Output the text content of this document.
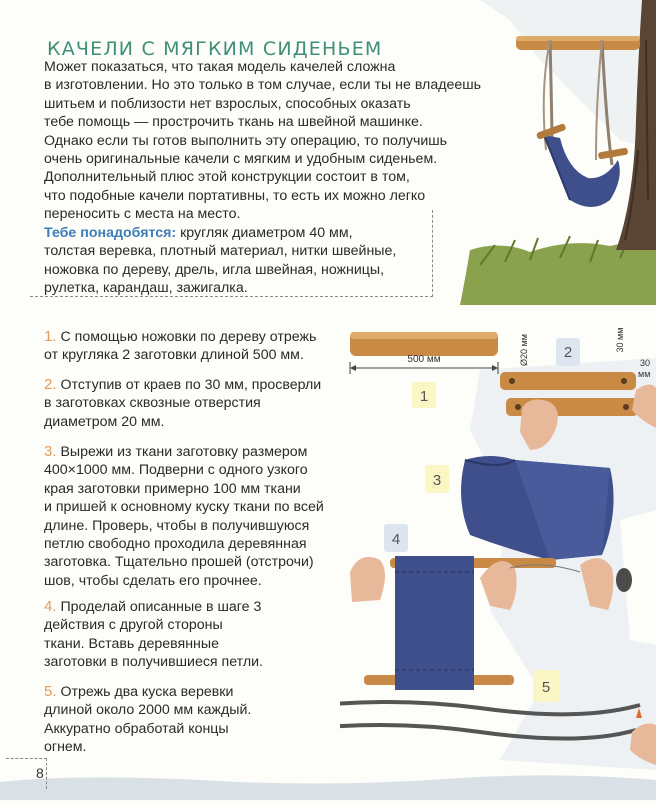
КАЧЕЛИ С МЯГКИМ СИДЕНЬЕМ
Может показаться, что такая модель качелей сложна
в изготовлении. Но это только в том случае, если ты не владеешь
шитьем и поблизости нет взрослых, способных оказать
тебе помощь — прострочить ткань на швейной машинке.
Однако если ты готов выполнить эту операцию, то получишь
очень оригинальные качели с мягким и удобным сиденьем.
Дополнительный плюс этой конструкции состоит в том,
что подобные качели портативны, то есть их можно легко
переносить с места на место.
Тебе понадобятся: кругляк диаметром 40 мм,
толстая веревка, плотный материал, нитки швейные,
ножовка по дереву, дрель, игла швейная, ножницы,
рулетка, карандаш, зажигалка.
1. С помощью ножовки по дереву отрежь
от кругляка 2 заготовки длиной 500 мм.
2. Отступив от краев по 30 мм, просверли
в заготовках сквозные отверстия
диаметром 20 мм.
3. Вырежи из ткани заготовку размером
400×1000 мм. Подверни с одного узкого
края заготовки примерно 100 мм ткани
и пришей к основному куску ткани по всей
длине. Проверь, чтобы в получившуюся
петлю свободно проходила деревянная
заготовка. Тщательно прошей (отстрочи)
шов, чтобы сделать его прочнее.
4. Проделай описанные в шаге 3
действия с другой стороны
ткани. Вставь деревянные
заготовки в получившиеся петли.
5. Отрежь два куска веревки
длиной около 2000 мм каждый.
Аккуратно обработай концы
огнем.
500 мм
1
2
Ø20 мм	30 мм
30
мм
3
4
5
8
